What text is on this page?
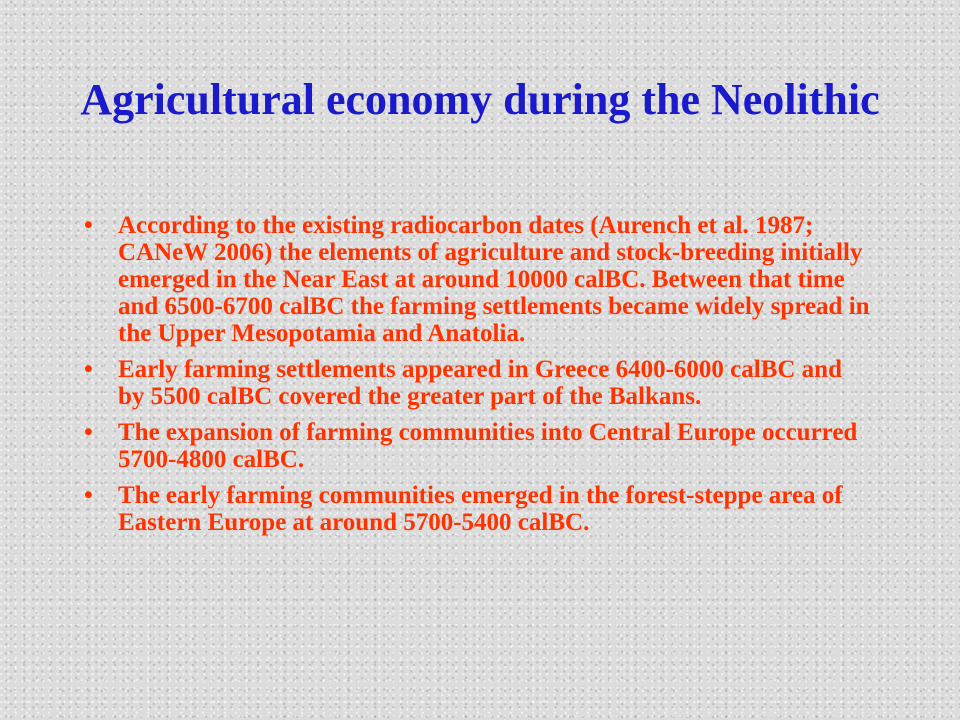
Agricultural economy during the Neolithic
• According to the existing radiocarbon dates (Aurench et al. 1987; CANeW 2006) the elements of agriculture and stock-breeding initially emerged in the Near East at around 10000 calBC. Between that time and 6500-6700 calBC the farming settlements became widely spread in the Upper Mesopotamia and Anatolia.
• Early farming settlements appeared in Greece 6400-6000 calBC and by 5500 calBC covered the greater part of the Balkans.
• The expansion of farming communities into Central Europe occurred 5700-4800 calBC.
• The early farming communities emerged in the forest-steppe area of Eastern Europe at around 5700-5400 calBC.
